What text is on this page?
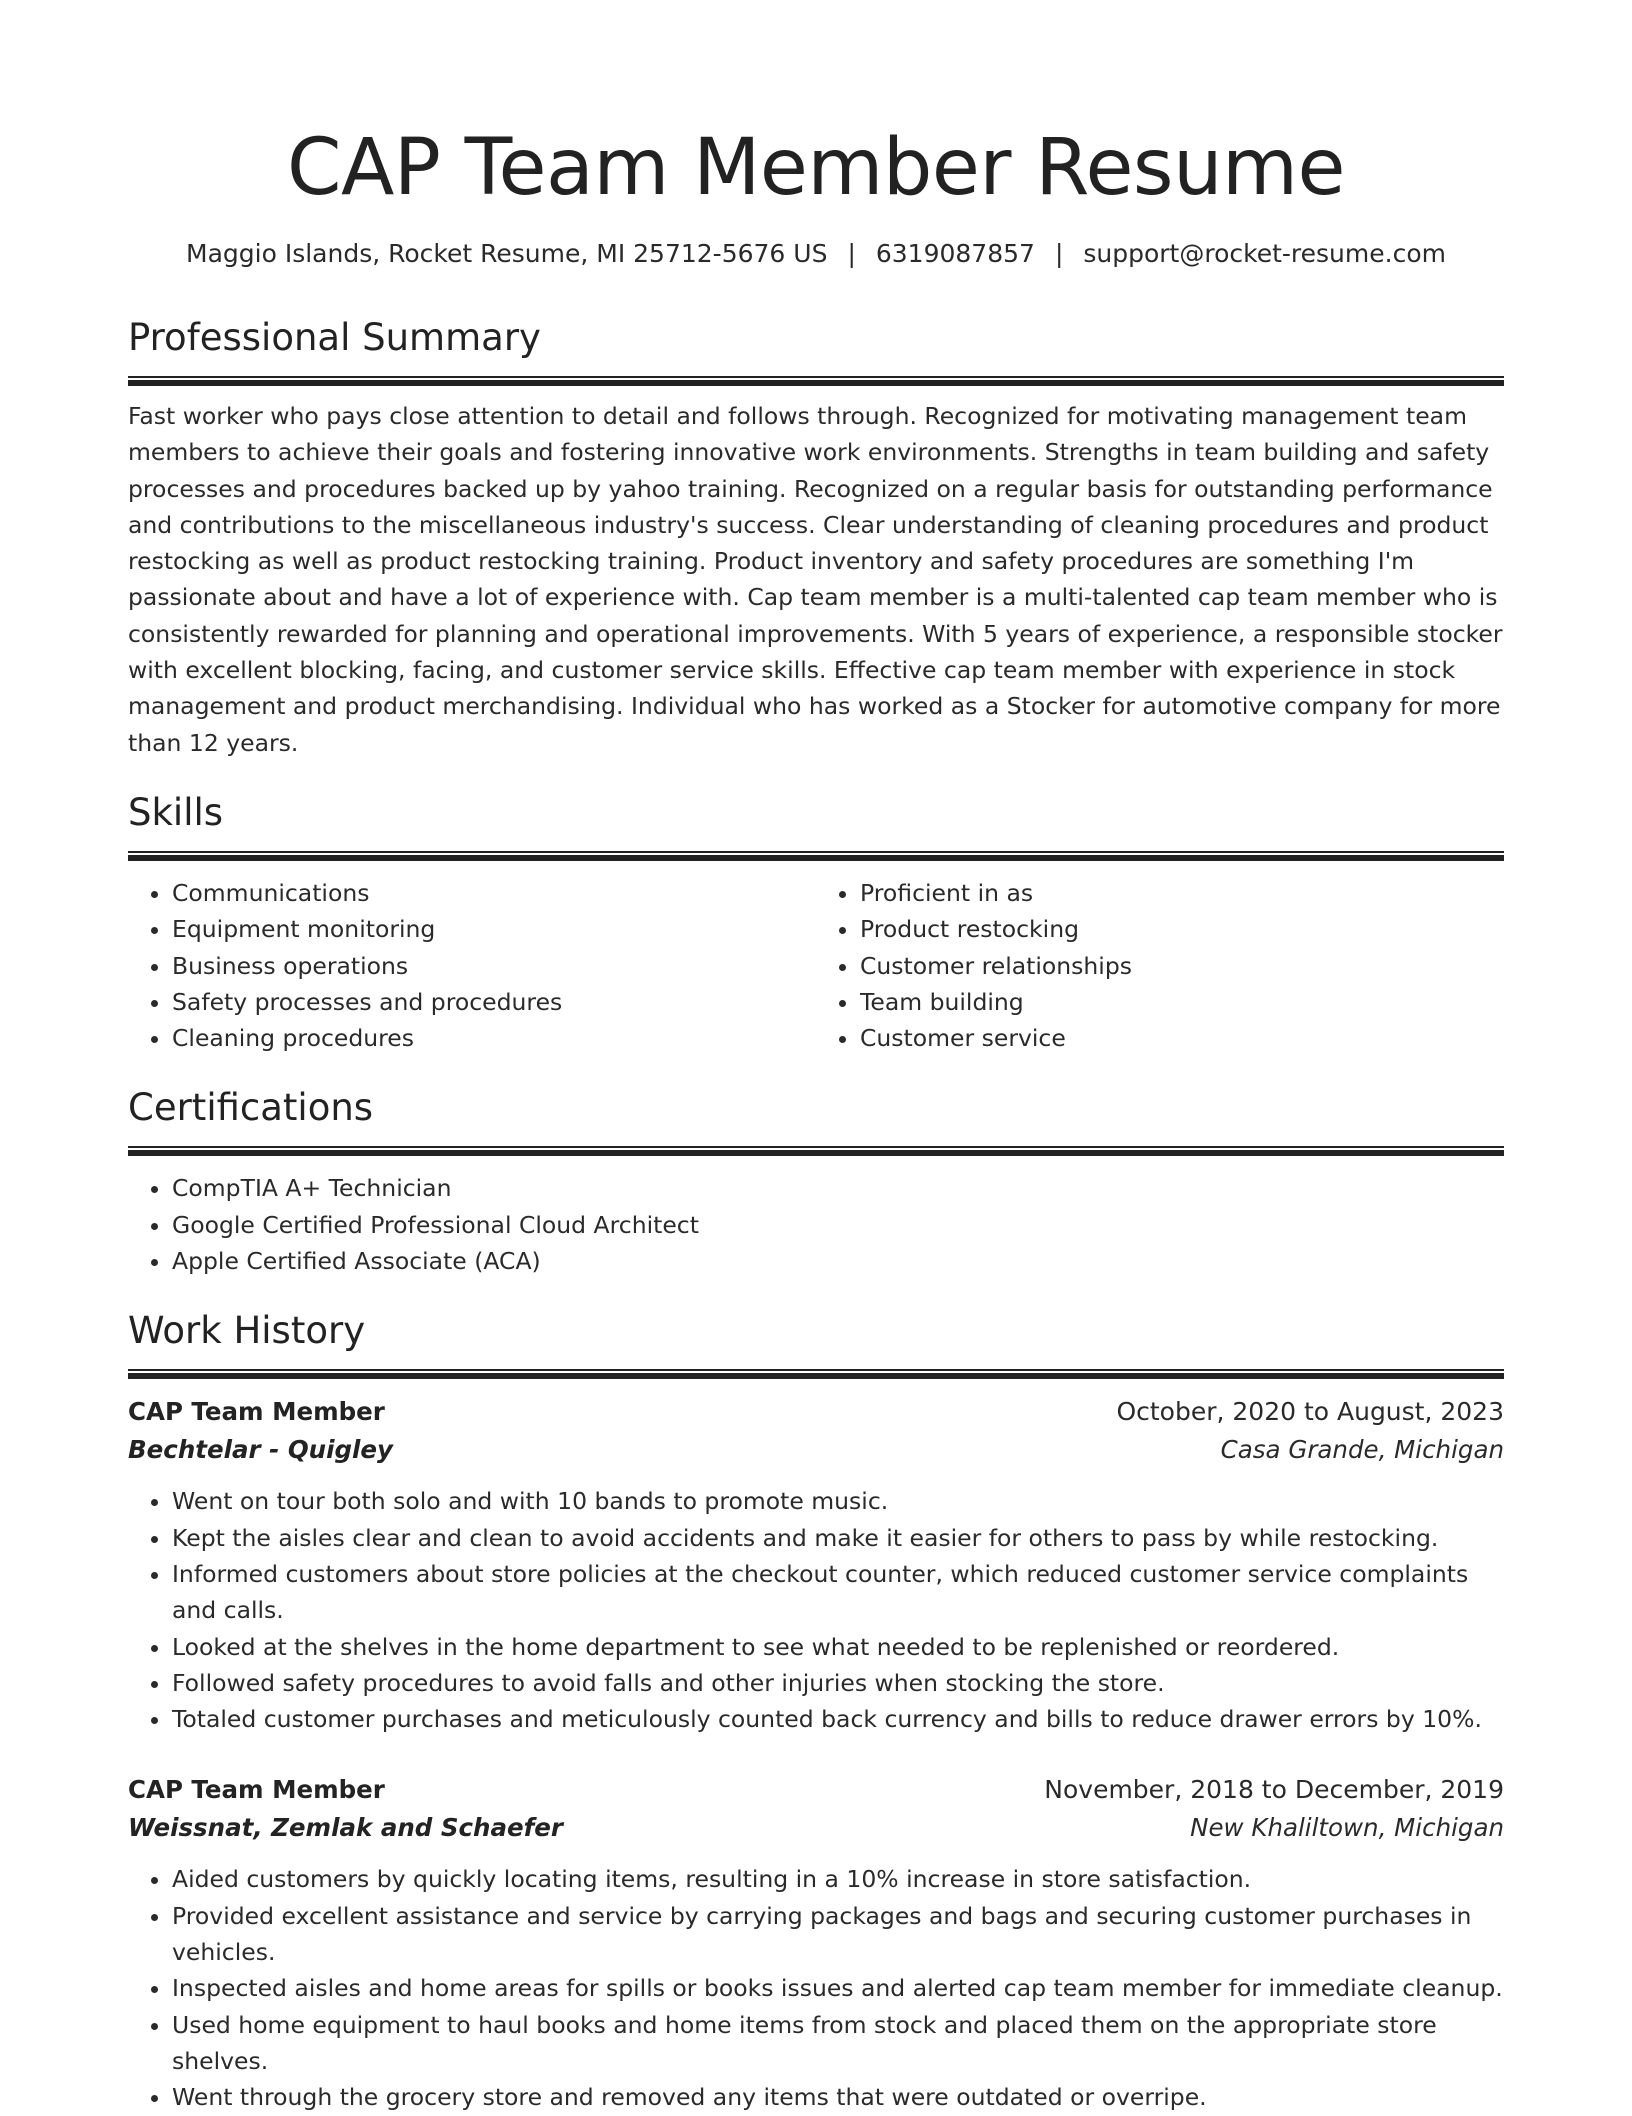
CAP Team Member Resume
Maggio Islands, Rocket Resume, MI 25712-5676 US | 6319087857 | support@rocket-resume.com
Professional Summary
Fast worker who pays close attention to detail and follows through. Recognized for motivating management team members to achieve their goals and fostering innovative work environments. Strengths in team building and safety processes and procedures backed up by yahoo training. Recognized on a regular basis for outstanding performance and contributions to the miscellaneous industry's success. Clear understanding of cleaning procedures and product restocking as well as product restocking training. Product inventory and safety procedures are something I'm passionate about and have a lot of experience with. Cap team member is a multi-talented cap team member who is consistently rewarded for planning and operational improvements. With 5 years of experience, a responsible stocker with excellent blocking, facing, and customer service skills. Effective cap team member with experience in stock management and product merchandising. Individual who has worked as a Stocker for automotive company for more than 12 years.
Skills
• Communications
• Equipment monitoring
• Business operations
• Safety processes and procedures
• Cleaning procedures
• Proficient in as
• Product restocking
• Customer relationships
• Team building
• Customer service
Certifications
• CompTIA A+ Technician
• Google Certified Professional Cloud Architect
• Apple Certified Associate (ACA)
Work History
CAP Team Member	October, 2020 to August, 2023
Bechtelar - Quigley	Casa Grande, Michigan
• Went on tour both solo and with 10 bands to promote music.
• Kept the aisles clear and clean to avoid accidents and make it easier for others to pass by while restocking.
• Informed customers about store policies at the checkout counter, which reduced customer service complaints and calls.
• Looked at the shelves in the home department to see what needed to be replenished or reordered.
• Followed safety procedures to avoid falls and other injuries when stocking the store.
• Totaled customer purchases and meticulously counted back currency and bills to reduce drawer errors by 10%.
CAP Team Member	November, 2018 to December, 2019
Weissnat, Zemlak and Schaefer	New Khaliltown, Michigan
• Aided customers by quickly locating items, resulting in a 10% increase in store satisfaction.
• Provided excellent assistance and service by carrying packages and bags and securing customer purchases in vehicles.
• Inspected aisles and home areas for spills or books issues and alerted cap team member for immediate cleanup.
• Used home equipment to haul books and home items from stock and placed them on the appropriate store shelves.
• Went through the grocery store and removed any items that were outdated or overripe.
